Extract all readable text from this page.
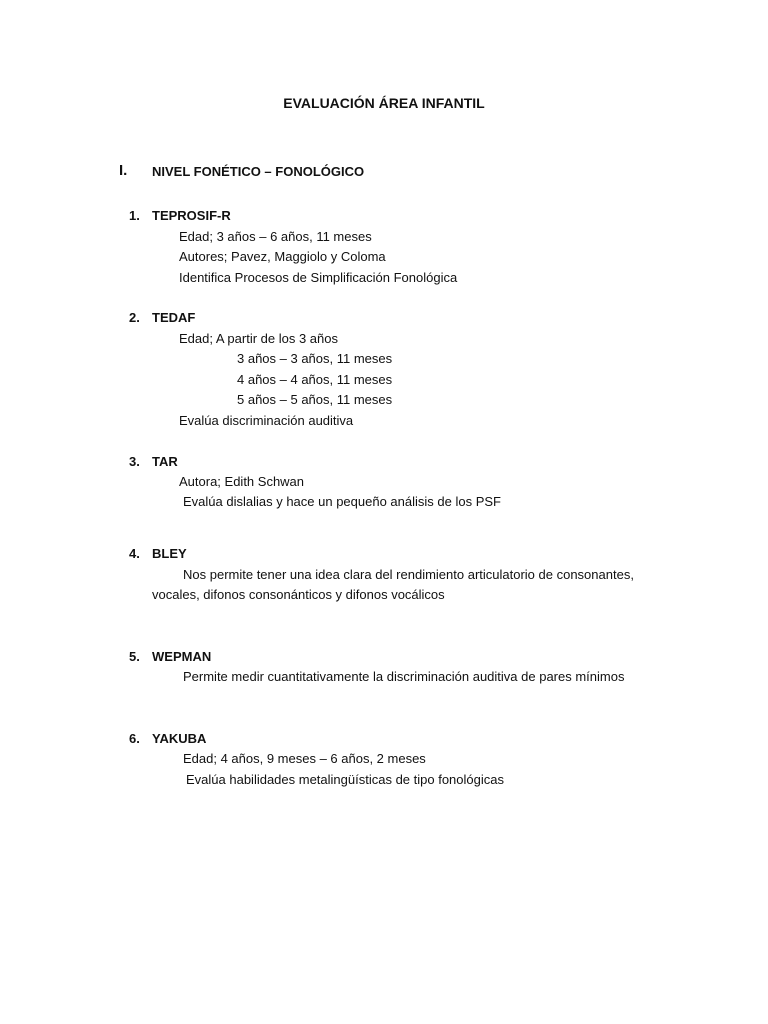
EVALUACIÓN ÁREA INFANTIL
I. NIVEL FONÉTICO – FONOLÓGICO
1. TEPROSIF-R
Edad; 3 años – 6 años, 11 meses
Autores; Pavez, Maggiolo y Coloma
Identifica Procesos de Simplificación Fonológica
2. TEDAF
Edad; A partir de los 3 años
3 años – 3 años, 11 meses
4 años – 4 años, 11 meses
5 años – 5 años, 11 meses
Evalúa discriminación auditiva
3. TAR
Autora; Edith Schwan
Evalúa dislalias y hace un pequeño análisis de los PSF
4. BLEY
Nos permite tener una idea clara del rendimiento articulatorio de consonantes,
vocales, difonos consonánticos y difonos vocálicos
5. WEPMAN
Permite medir cuantitativamente la discriminación auditiva de pares mínimos
6. YAKUBA
Edad; 4 años, 9 meses – 6 años, 2 meses
Evalúa habilidades metalingüísticas de tipo fonológicas
